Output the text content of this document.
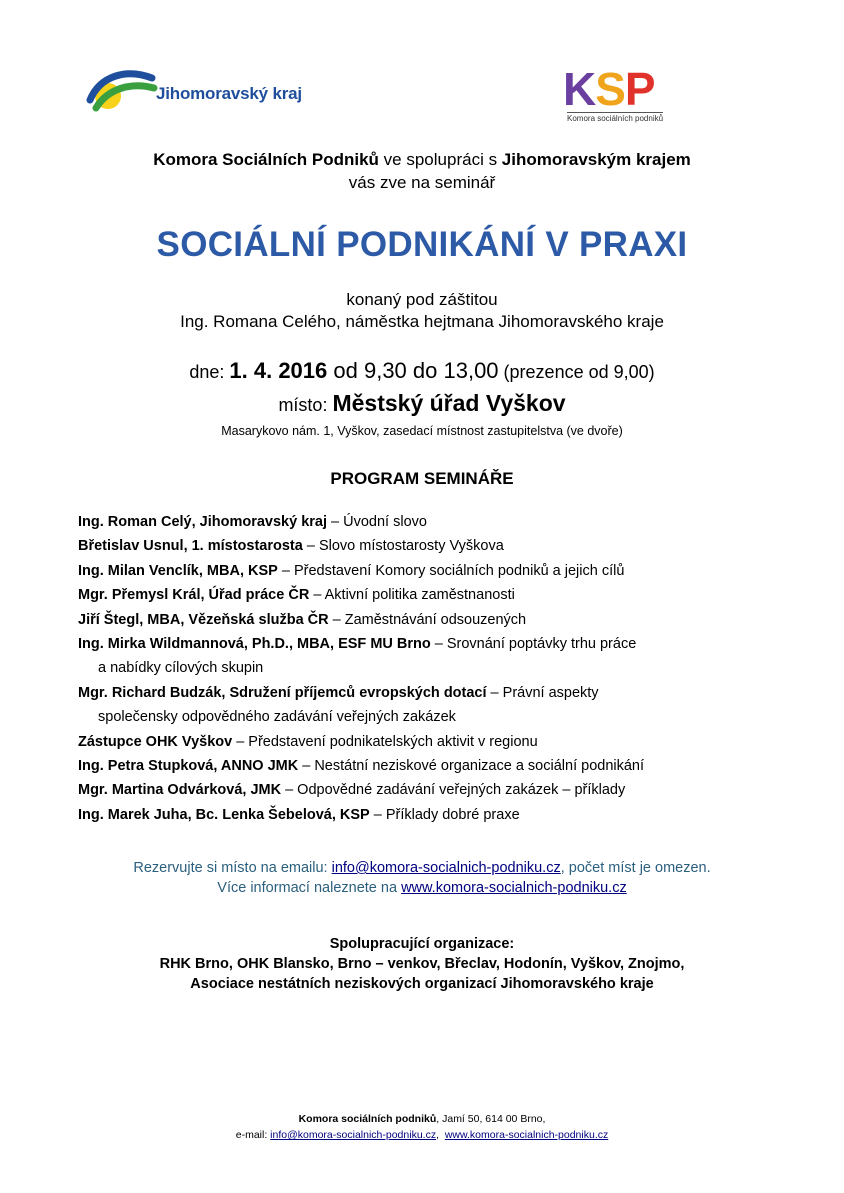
Jihomoravský kraj	KSP
Komora sociálních podniků
Komora Sociálních Podniků ve spolupráci s Jihomoravským krajem
vás zve na seminář
SOCIÁLNÍ PODNIKÁNÍ V PRAXI
konaný pod záštitou
Ing. Romana Celého, náměstka hejtmana Jihomoravského kraje
dne: 1. 4. 2016 od 9,30 do 13,00 (prezence od 9,00)
místo: Městský úřad Vyškov
Masarykovo nám. 1, Vyškov, zasedací místnost zastupitelstva (ve dvoře)
PROGRAM SEMINÁŘE
Ing. Roman Celý, Jihomoravský kraj – Úvodní slovo
Břetislav Usnul, 1. místostarosta – Slovo místostarosty Vyškova
Ing. Milan Venclík, MBA, KSP – Představení Komory sociálních podniků a jejich cílů
Mgr. Přemysl Král, Úřad práce ČR – Aktivní politika zaměstnanosti
Jiří Štegl, MBA, Vězeňská služba ČR – Zaměstnávání odsouzených
Ing. Mirka Wildmannová, Ph.D., MBA, ESF MU Brno – Srovnání poptávky trhu práce
a nabídky cílových skupin
Mgr. Richard Budzák, Sdružení příjemců evropských dotací – Právní aspekty
společensky odpovědného zadávání veřejných zakázek
Zástupce OHK Vyškov – Představení podnikatelských aktivit v regionu
Ing. Petra Stupková, ANNO JMK – Nestátní neziskové organizace a sociální podnikání
Mgr. Martina Odvárková, JMK – Odpovědné zadávání veřejných zakázek – příklady
Ing. Marek Juha, Bc. Lenka Šebelová, KSP – Příklady dobré praxe
Rezervujte si místo na emailu: info@komora-socialnich-podniku.cz, počet míst je omezen.
Více informací naleznete na www.komora-socialnich-podniku.cz
Spolupracující organizace:
RHK Brno, OHK Blansko, Brno – venkov, Břeclav, Hodonín, Vyškov, Znojmo,
Asociace nestátních neziskových organizací Jihomoravského kraje
Komora sociálních podniků, Jamí 50, 614 00 Brno,
e-mail: info@komora-socialnich-podniku.cz,  www.komora-socialnich-podniku.cz
